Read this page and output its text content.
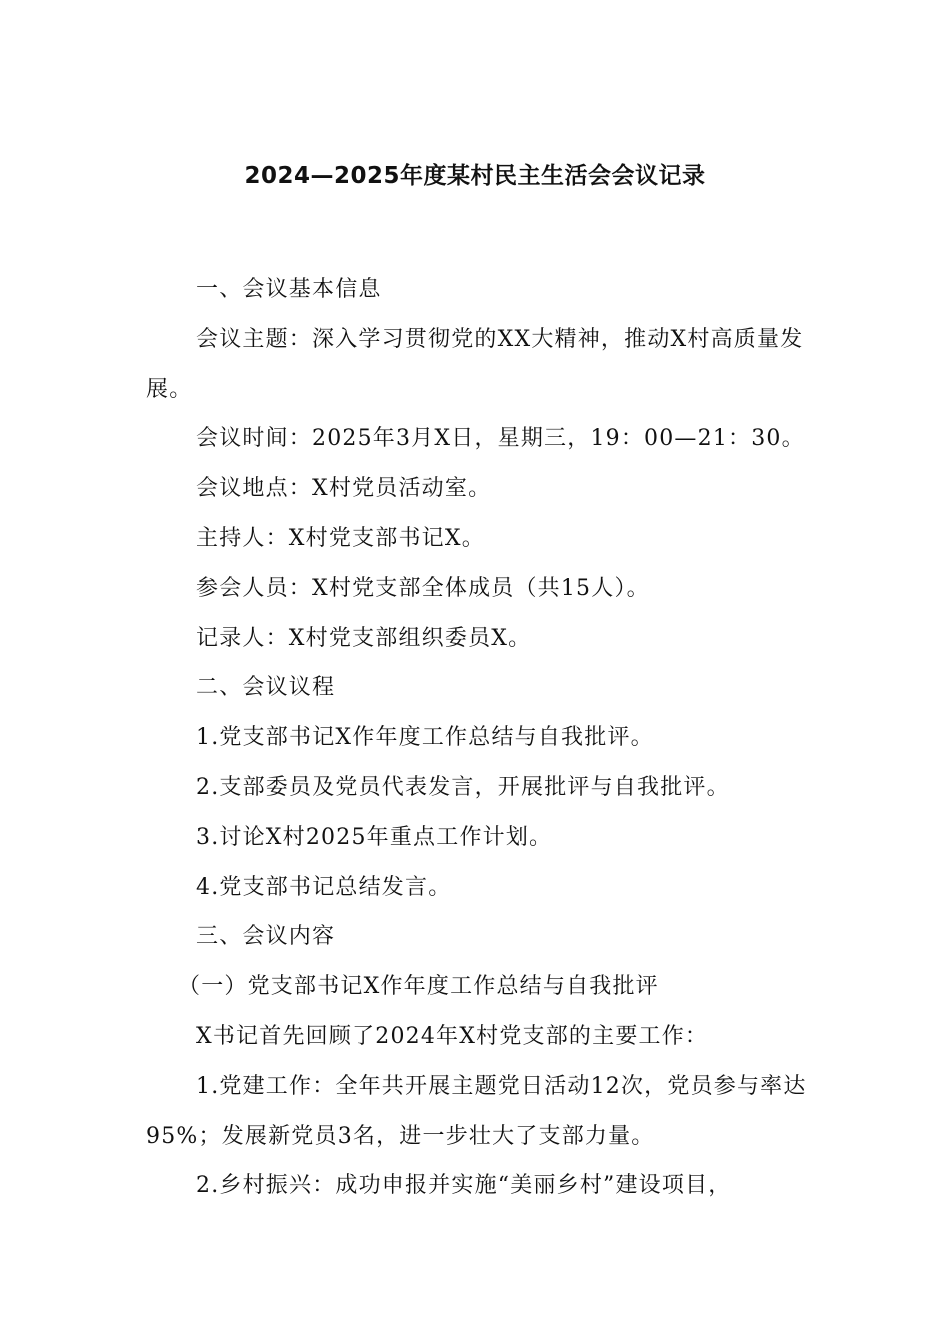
2024—2025年度某村民主生活会会议记录

一、会议基本信息

会议主题：深入学习贯彻党的XX大精神，推动X村高质量发展。

会议时间：2025年3月X日，星期三，19：00—21：30。

会议地点：X村党员活动室。

主持人：X村党支部书记X。

参会人员：X村党支部全体成员（共15人）。

记录人：X村党支部组织委员X。

二、会议议程

1.党支部书记X作年度工作总结与自我批评。

2.支部委员及党员代表发言，开展批评与自我批评。

3.讨论X村2025年重点工作计划。

4.党支部书记总结发言。

三、会议内容

（一）党支部书记X作年度工作总结与自我批评

X书记首先回顾了2024年X村党支部的主要工作：

1.党建工作：全年共开展主题党日活动12次，党员参与率达95%；发展新党员3名，进一步壮大了支部力量。

2.乡村振兴：成功申报并实施“美丽乡村”建设项目，
